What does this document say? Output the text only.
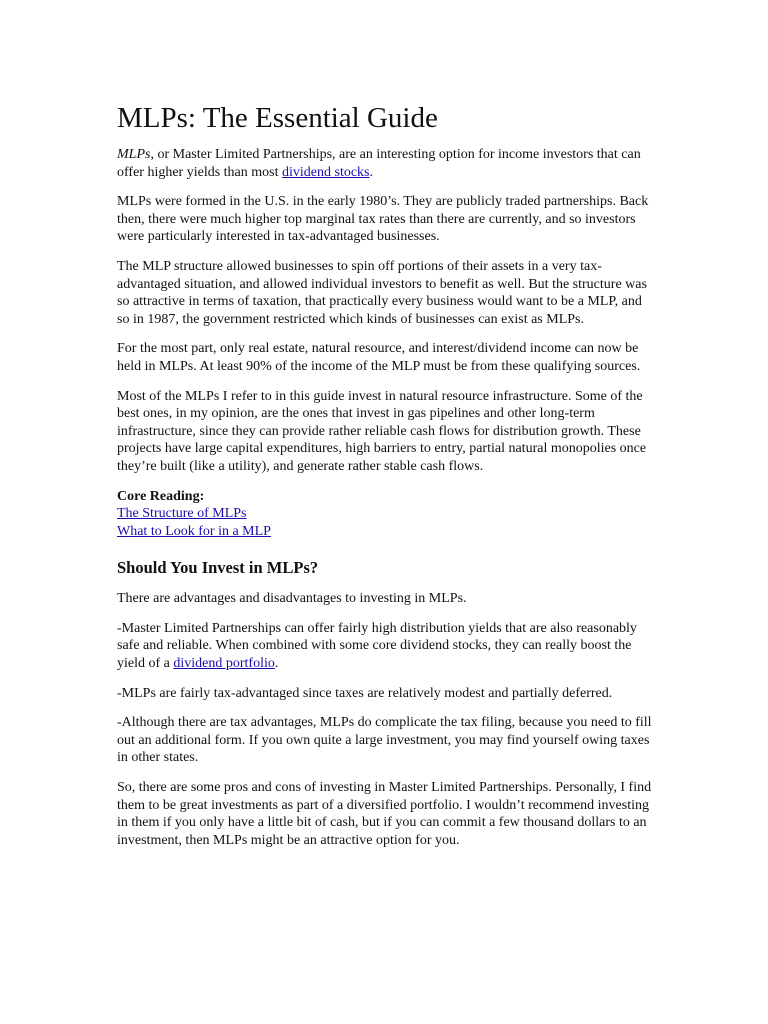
MLPs: The Essential Guide

MLPs, or Master Limited Partnerships, are an interesting option for income investors that can offer higher yields than most dividend stocks.

MLPs were formed in the U.S. in the early 1980’s. They are publicly traded partnerships. Back then, there were much higher top marginal tax rates than there are currently, and so investors were particularly interested in tax-advantaged businesses.

The MLP structure allowed businesses to spin off portions of their assets in a very tax-advantaged situation, and allowed individual investors to benefit as well. But the structure was so attractive in terms of taxation, that practically every business would want to be a MLP, and so in 1987, the government restricted which kinds of businesses can exist as MLPs.

For the most part, only real estate, natural resource, and interest/dividend income can now be held in MLPs. At least 90% of the income of the MLP must be from these qualifying sources.

Most of the MLPs I refer to in this guide invest in natural resource infrastructure. Some of the best ones, in my opinion, are the ones that invest in gas pipelines and other long-term infrastructure, since they can provide rather reliable cash flows for distribution growth. These projects have large capital expenditures, high barriers to entry, partial natural monopolies once they’re built (like a utility), and generate rather stable cash flows.

Core Reading:
The Structure of MLPs
What to Look for in a MLP
Should You Invest in MLPs?

There are advantages and disadvantages to investing in MLPs.

-Master Limited Partnerships can offer fairly high distribution yields that are also reasonably safe and reliable. When combined with some core dividend stocks, they can really boost the yield of a dividend portfolio.

-MLPs are fairly tax-advantaged since taxes are relatively modest and partially deferred.

-Although there are tax advantages, MLPs do complicate the tax filing, because you need to fill out an additional form. If you own quite a large investment, you may find yourself owing taxes in other states.

So, there are some pros and cons of investing in Master Limited Partnerships. Personally, I find them to be great investments as part of a diversified portfolio. I wouldn’t recommend investing in them if you only have a little bit of cash, but if you can commit a few thousand dollars to an investment, then MLPs might be an attractive option for you.
